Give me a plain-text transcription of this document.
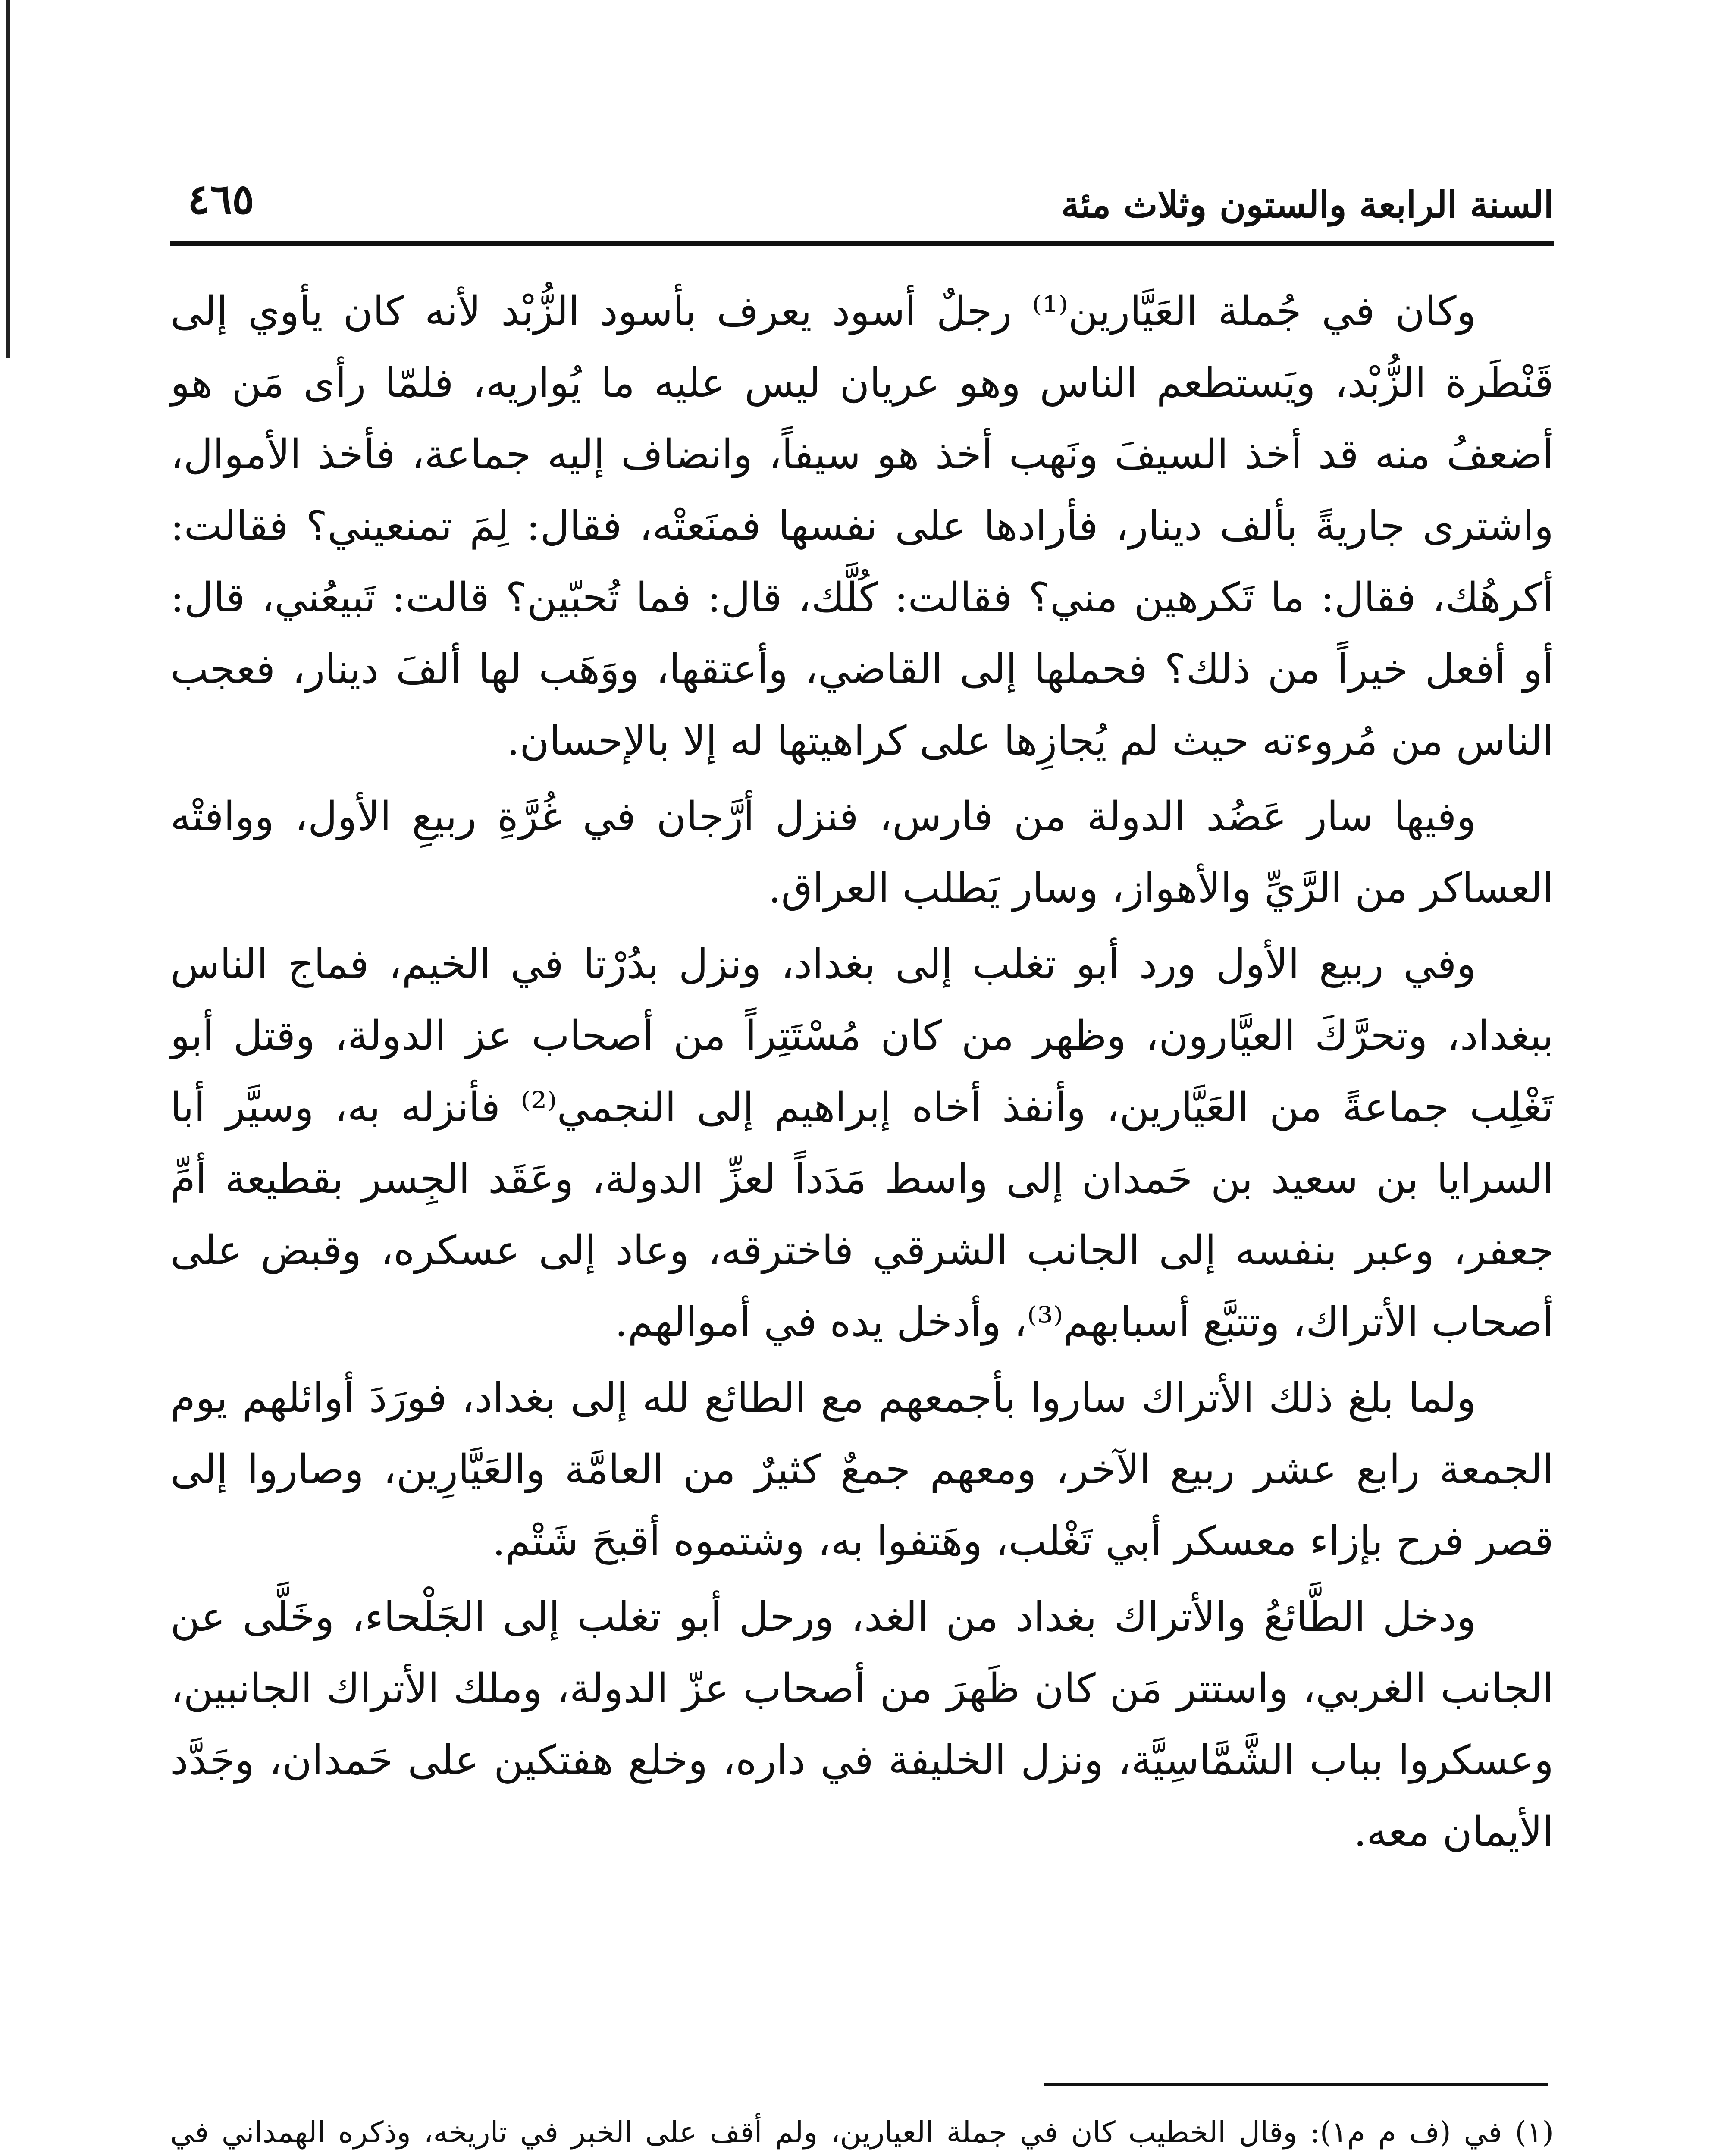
السنة الرابعة والستون وثلاث مئة
٤٦٥

وكان في جُملة العَيَّارين⁽¹⁾ رجلٌ أسود يعرف بأسود الزُّبْد لأنه كان يأوي إلى قَنْطَرة الزُّبْد، ويَستطعم الناس وهو عريان ليس عليه ما يُواريه، فلمّا رأى مَن هو أضعفُ منه قد أخذ السيفَ ونَهب أخذ هو سيفاً، وانضاف إليه جماعة، فأخذ الأموال، واشترى جاريةً بألف دينار، فأرادها على نفسها فمنَعتْه، فقال: لِمَ تمنعيني؟ فقالت: أكرهُك، فقال: ما تَكرهين مني؟ فقالت: كُلَّك، قال: فما تُحبّين؟ قالت: تَبيعُني، قال: أو أفعل خيراً من ذلك؟ فحملها إلى القاضي، وأعتقها، ووَهَب لها ألفَ دينار، فعجب الناس من مُروءته حيث لم يُجازِها على كراهيتها له إلا بالإحسان.

وفيها سار عَضُد الدولة من فارس، فنزل أرَّجان في غُرَّةِ ربيعِ الأول، ووافتْه العساكر من الرَّيِّ والأهواز، وسار يَطلب العراق.

وفي ربيع الأول ورد أبو تغلب إلى بغداد، ونزل بدُرْتا في الخيم، فماج الناس ببغداد، وتحرَّكَ العيَّارون، وظهر من كان مُسْتَتِراً من أصحاب عز الدولة، وقتل أبو تَغْلِب جماعةً من العَيَّارين، وأنفذ أخاه إبراهيم إلى النجمي⁽²⁾ فأنزله به، وسيَّر أبا السرايا بن سعيد بن حَمدان إلى واسط مَدَداً لعزِّ الدولة، وعَقَد الجِسر بقطيعة أمِّ جعفر، وعبر بنفسه إلى الجانب الشرقي فاخترقه، وعاد إلى عسكره، وقبض على أصحاب الأتراك، وتتبَّع أسبابهم⁽³⁾، وأدخل يده في أموالهم.

ولما بلغ ذلك الأتراك ساروا بأجمعهم مع الطائع لله إلى بغداد، فورَدَ أوائلهم يوم الجمعة رابع عشر ربيع الآخر، ومعهم جمعٌ كثيرٌ من العامَّة والعَيَّارِين، وصاروا إلى قصر فرح بإزاء معسكر أبي تَغْلب، وهَتفوا به، وشتموه أقبحَ شَتْم.

ودخل الطَّائعُ والأتراك بغداد من الغد، ورحل أبو تغلب إلى الجَلْحاء، وخَلَّى عن الجانب الغربي، واستتر مَن كان ظَهرَ من أصحاب عزّ الدولة، وملك الأتراك الجانبين، وعسكروا بباب الشَّمَّاسِيَّة، ونزل الخليفة في داره، وخلع هفتكين على حَمدان، وجَدَّد الأيمان معه.

(١) في (ف م م١): وقال الخطيب كان في جملة العيارين، ولم أقف على الخبر في تاريخه، وذكره الهمداني في
